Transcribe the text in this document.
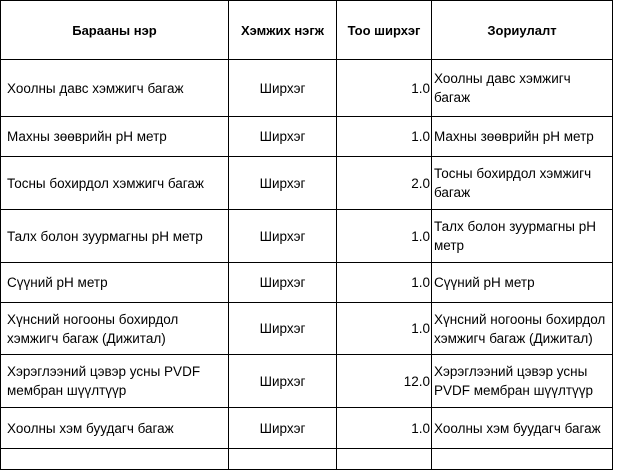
Барааны нэр	Хэмжих нэгж	Тоо ширхэг	Зориулалт
Хоолны давс хэмжигч багаж	Ширхэг	1.0	Хоолны давс хэмжигч багаж
Махны зөөврийн pH метр	Ширхэг	1.0	Махны зөөврийн pH метр
Тосны бохирдол хэмжигч багаж	Ширхэг	2.0	Тосны бохирдол хэмжигч багаж
Талх болон зуурмагны pH метр	Ширхэг	1.0	Талх болон зуурмагны pH метр
Сүүний pH метр	Ширхэг	1.0	Сүүний pH метр
Хүнсний ногооны бохирдол хэмжигч багаж (Дижитал)	Ширхэг	1.0	Хүнсний ногооны бохирдол хэмжигч багаж (Дижитал)
Хэрэглээний цэвэр усны PVDF мембран шүүлтүүр	Ширхэг	12.0	Хэрэглээний цэвэр усны PVDF мембран шүүлтүүр
Хоолны хэм буудагч багаж	Ширхэг	1.0	Хоолны хэм буудагч багаж
